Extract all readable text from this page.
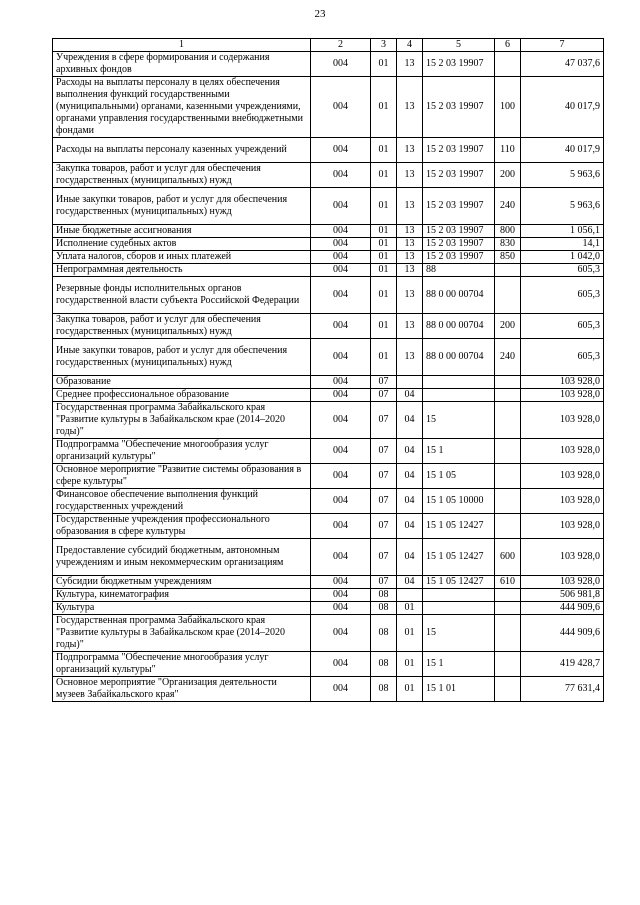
23
1	2	3	4	5	6	7
Учреждения в сфере формирования и содержания архивных фондов	004	01	13	15 2 03 19907		47 037,6
Расходы на выплаты персоналу в целях обеспечения выполнения функций государственными (муниципальными) органами, казенными учреждениями, органами управления государственными внебюджетными фондами	004	01	13	15 2 03 19907	100	40 017,9
Расходы на выплаты персоналу казенных учреждений	004	01	13	15 2 03 19907	110	40 017,9
Закупка товаров, работ и услуг для обеспечения государственных (муниципальных) нужд	004	01	13	15 2 03 19907	200	5 963,6
Иные закупки товаров, работ и услуг для обеспечения государственных (муниципальных) нужд	004	01	13	15 2 03 19907	240	5 963,6
Иные бюджетные ассигнования	004	01	13	15 2 03 19907	800	1 056,1
Исполнение судебных актов	004	01	13	15 2 03 19907	830	14,1
Уплата налогов, сборов и иных платежей	004	01	13	15 2 03 19907	850	1 042,0
Непрограммная деятельность	004	01	13	88		605,3
Резервные фонды исполнительных органов государственной власти субъекта Российской Федерации	004	01	13	88 0 00 00704		605,3
Закупка товаров, работ и услуг для обеспечения государственных (муниципальных) нужд	004	01	13	88 0 00 00704	200	605,3
Иные закупки товаров, работ и услуг для обеспечения государственных (муниципальных) нужд	004	01	13	88 0 00 00704	240	605,3
Образование	004	07				103 928,0
Среднее профессиональное образование	004	07	04			103 928,0
Государственная программа Забайкальского края "Развитие культуры в Забайкальском крае (2014–2020 годы)"	004	07	04	15		103 928,0
Подпрограмма "Обеспечение многообразия услуг организаций культуры"	004	07	04	15 1		103 928,0
Основное мероприятие "Развитие системы образования в сфере культуры"	004	07	04	15 1 05		103 928,0
Финансовое обеспечение выполнения функций государственных учреждений	004	07	04	15 1 05 10000		103 928,0
Государственные учреждения профессионального образования в сфере культуры	004	07	04	15 1 05 12427		103 928,0
Предоставление субсидий бюджетным, автономным учреждениям и иным некоммерческим организациям	004	07	04	15 1 05 12427	600	103 928,0
Субсидии бюджетным учреждениям	004	07	04	15 1 05 12427	610	103 928,0
Культура, кинематография	004	08				506 981,8
Культура	004	08	01			444 909,6
Государственная программа Забайкальского края "Развитие культуры в Забайкальском крае (2014–2020 годы)"	004	08	01	15		444 909,6
Подпрограмма "Обеспечение многообразия услуг организаций культуры"	004	08	01	15 1		419 428,7
Основное мероприятие "Организация деятельности музеев Забайкальского края"	004	08	01	15 1 01		77 631,4
